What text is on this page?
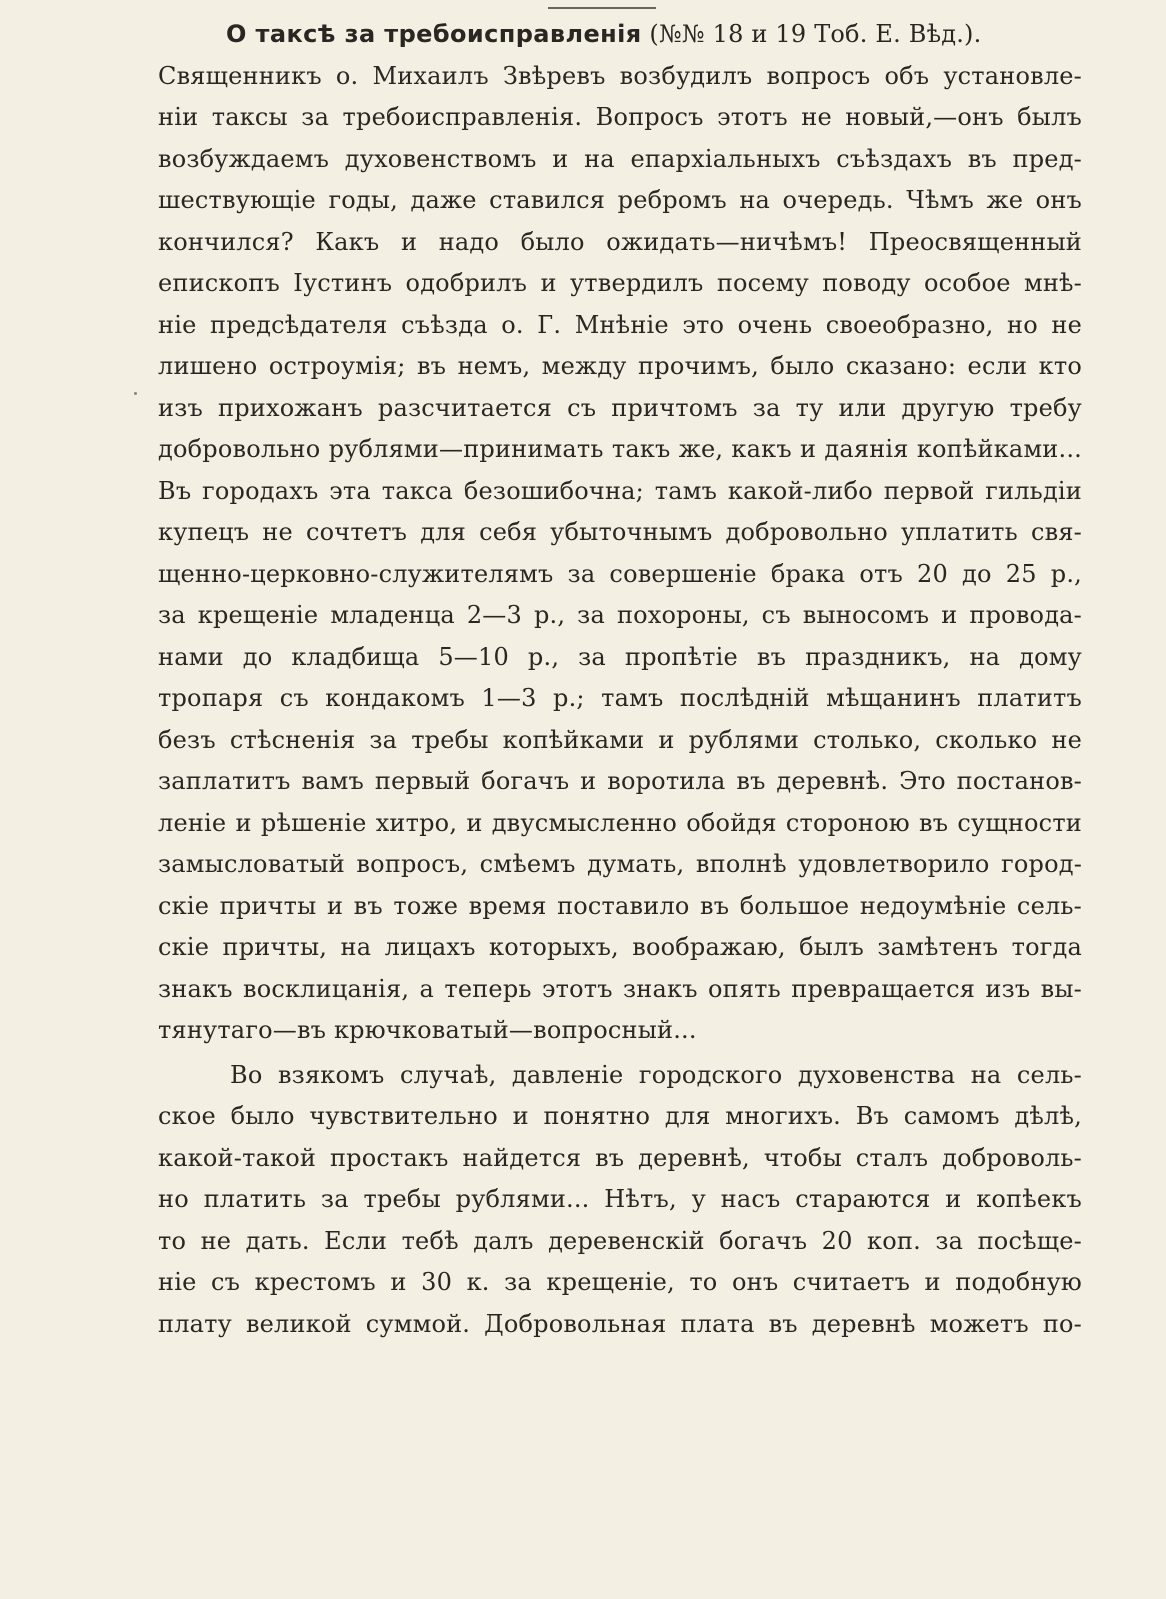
О таксѣ за требоисправленія (№№ 18 и 19 Тоб. Е. Вѣд.).
Священникъ о. Михаилъ Звѣревъ возбудилъ вопросъ объ установле-
ніи таксы за требоисправленія. Вопросъ этотъ не новый,—онъ былъ
возбуждаемъ духовенствомъ и на епархіальныхъ съѣздахъ въ пред-
шествующіе годы, даже ставился ребромъ на очередь. Чѣмъ же онъ
кончился? Какъ и надо было ожидать—ничѣмъ! Преосвященный
епископъ Іустинъ одобрилъ и утвердилъ посему поводу особое мнѣ-
ніе предсѣдателя съѣзда о. Г. Мнѣніе это очень своеобразно, но не
лишено остроумія; въ немъ, между прочимъ, было сказано: если кто
изъ прихожанъ разсчитается съ причтомъ за ту или другую требу
добровольно рублями—принимать такъ же, какъ и даянія копѣйками...
Въ городахъ эта такса безошибочна; тамъ какой-либо первой гильдіи
купецъ не сочтетъ для себя убыточнымъ добровольно уплатить свя-
щенно-церковно-служителямъ за совершеніе брака отъ 20 до 25 р.,
за крещеніе младенца 2—3 р., за похороны, съ выносомъ и провода-
нами до кладбища 5—10 р., за пропѣтіе въ праздникъ, на дому
тропаря съ кондакомъ 1—3 р.; тамъ послѣдній мѣщанинъ платитъ
безъ стѣсненія за требы копѣйками и рублями столько, сколько не
заплатитъ вамъ первый богачъ и воротила въ деревнѣ. Это постанов-
леніе и рѣшеніе хитро, и двусмысленно обойдя стороною въ сущности
замысловатый вопросъ, смѣемъ думать, вполнѣ удовлетворило город-
скіе причты и въ тоже время поставило въ большое недоумѣніе сель-
скіе причты, на лицахъ которыхъ, воображаю, былъ замѣтенъ тогда
знакъ восклицанія, а теперь этотъ знакъ опять превращается изъ вы-
тянутаго—въ крючковатый—вопросный...
Во взякомъ случаѣ, давленіе городского духовенства на сель-
ское было чувствительно и понятно для многихъ. Въ самомъ дѣлѣ,
какой-такой простакъ найдется въ деревнѣ, чтобы сталъ доброволь-
но платить за требы рублями... Нѣтъ, у насъ стараются и копѣекъ
то не дать. Если тебѣ далъ деревенскій богачъ 20 коп. за посѣще-
ніе съ крестомъ и 30 к. за крещеніе, то онъ считаетъ и подобную
плату великой суммой. Добровольная плата въ деревнѣ можетъ по-
